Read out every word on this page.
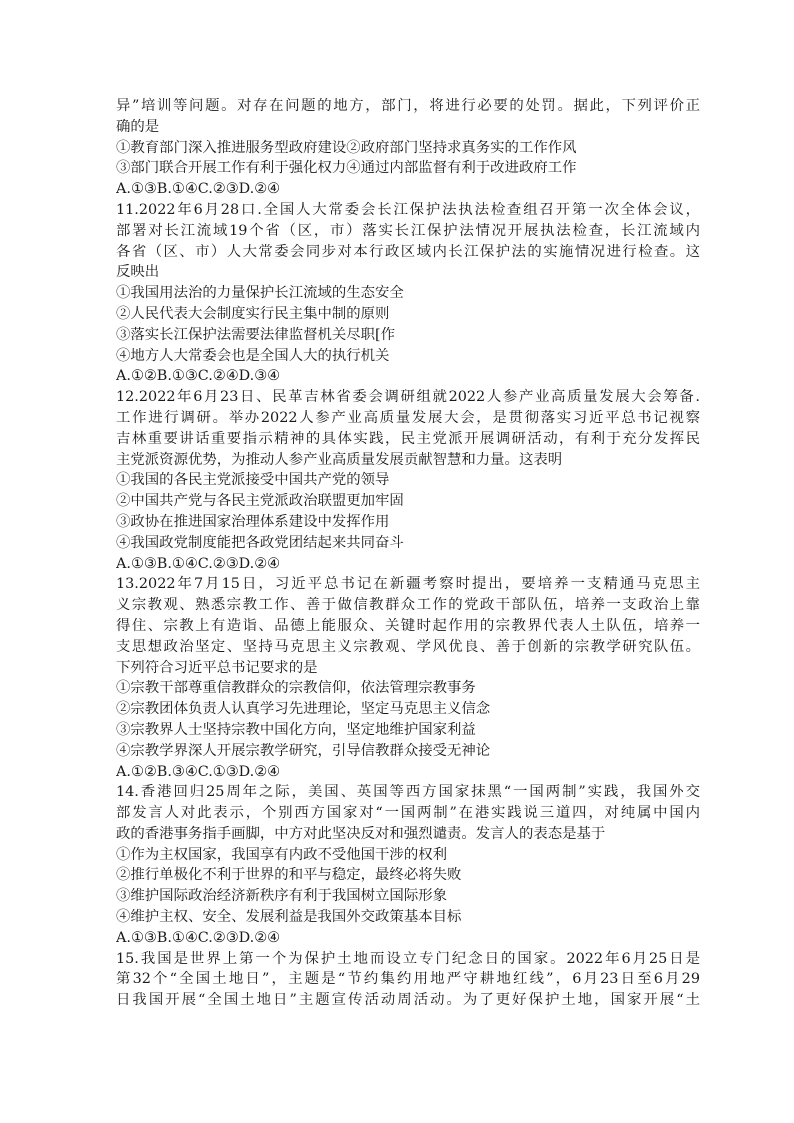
异”培训等问题。对存在问题的地方，部门，将进行必要的处罚。据此，下列评价正
确的是
①教育部门深入推进服务型政府建设②政府部门坚持求真务实的工作作风
③部门联合开展工作有利于强化权力④通过内部监督有利于改进政府工作
A.①③B.①④C.②③D.②④
11.2022年6月28口.全国人大常委会长江保护法执法检查组召开第一次全体会议，
部署对长江流域19个省（区，市）落实长江保护法情况开展执法检查，长江流域内
各省（区、市）人大常委会同步对本行政区域内长江保护法的实施情况进行检查。这
反映出
①我国用法治的力量保护长江流域的生态安全
②人民代表大会制度实行民主集中制的原则
③落实长江保护法需要法律监督机关尽职[作
④地方人大常委会也是全国人大的执行机关
A.①②B.①③C.②④D.③④
12.2022年6月23日、民革吉林省委会调研组就2022人参产业高质量发展大会筹备.
工作进行调研。举办2022人参产业高质量发展大会，是贯彻落实习近平总书记视察
吉林重要讲话重要指示精神的具体实践，民主党派开展调研活动，有利于充分发挥民
主党派资源优势，为推动人参产业高质量发展贡献智慧和力量。这表明
①我国的各民主党派接受中国共产党的领导
②中国共产党与各民主党派政治联盟更加牢固
③政协在推进国家治理体系建设中发挥作用
④我国政党制度能把各政党团结起来共同奋斗
A.①③B.①④C.②③D.②④
13.2022年7月15日，习近平总书记在新疆考察时提出，要培养一支精通马克思主
义宗教观、熟悉宗教工作、善于做信教群众工作的党政干部队伍，培养一支政治上靠
得住、宗教上有造诣、品德上能服众、关键时起作用的宗教界代表人土队伍，培养一
支思想政治坚定、坚持马克思主义宗教观、学风优良、善于创新的宗教学研究队伍。
下列符合习近平总书记要求的是
①宗教干部尊重信教群众的宗教信仰，依法管理宗教事务
②宗教团体负责人认真学习先进理论，坚定马克思主义信念
③宗教界人士坚持宗教中国化方向，坚定地维护国家利益
④宗教学界深人开展宗教学研究，引导信教群众接受无神论
A.①②B.③④C.①③D.②④
14.香港回归25周年之际，美国、英国等西方国家抹黑“一国两制”实践，我国外交
部发言人对此表示，个别西方国家对“一国两制”在港实践说三道四，对纯属中国内
政的香港事务指手画脚，中方对此坚决反对和强烈谴责。发言人的表态是基于
①作为主权国家，我国享有内政不受他国干涉的权利
②推行单极化不利于世界的和平与稳定，最终必将失败
③维护国际政治经济新秩序有利于我国树立国际形象
④维护主权、安全、发展利益是我国外交政策基本目标
A.①③B.①④C.②③D.②④
15.我国是世界上第一个为保护土地而设立专门纪念日的国家。2022年6月25日是
第32个“全国土地日”，主题是“节约集约用地严守耕地红线”，6月23日至6月29
日我国开展“全国土地日”主题宣传活动周活动。为了更好保护土地，国家开展“土
